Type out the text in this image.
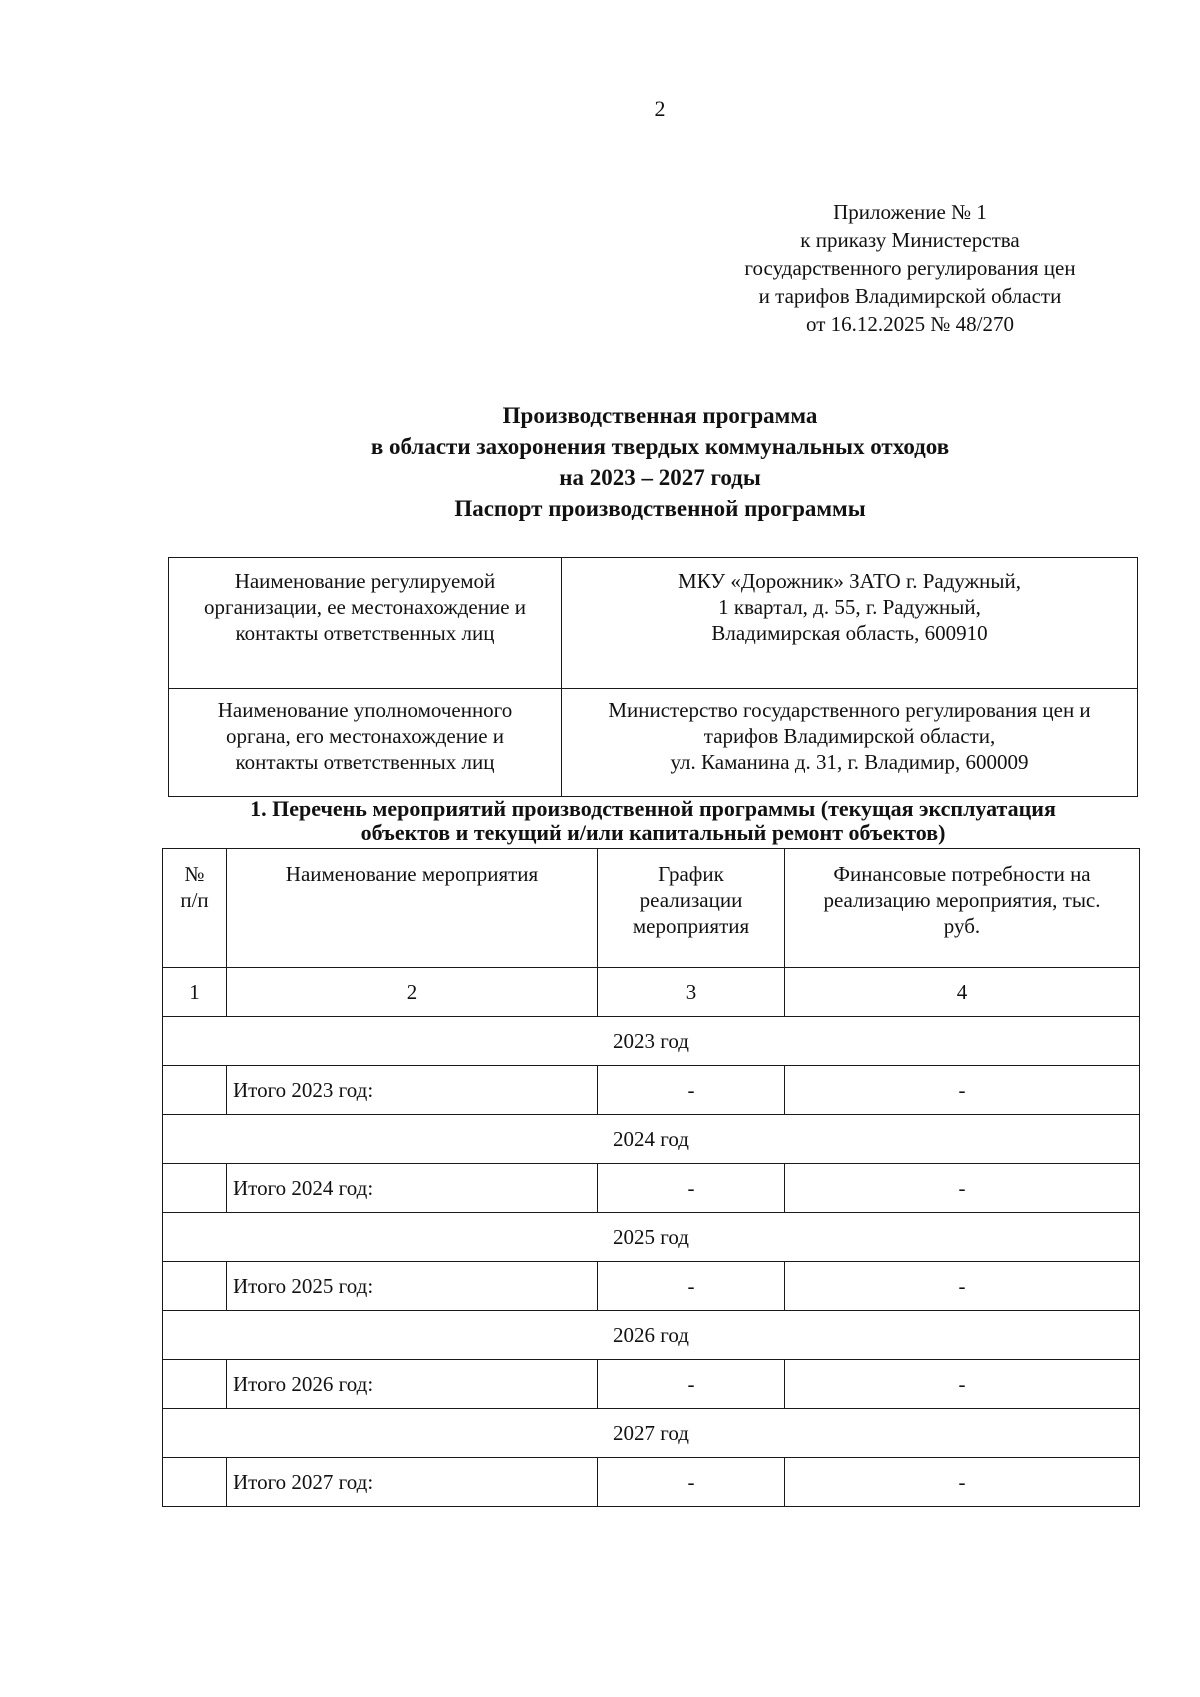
2
Приложение № 1
к приказу Министерства
государственного регулирования цен
и тарифов Владимирской области
от 16.12.2025 № 48/270
Производственная программа
в области захоронения твердых коммунальных отходов
на 2023 – 2027 годы
Паспорт производственной программы
Наименование регулируемой
организации, ее местонахождение и
контакты ответственных лиц	МКУ «Дорожник» ЗАТО г. Радужный,
1 квартал, д. 55, г. Радужный,
Владимирская область, 600910

Наименование уполномоченного
органа, его местонахождение и
контакты ответственных лиц	Министерство государственного регулирования цен и
тарифов Владимирской области,
ул. Каманина д. 31, г. Владимир, 600009
1. Перечень мероприятий производственной программы (текущая эксплуатация
объектов и текущий и/или капитальный ремонт объектов)
№
п/п	Наименование мероприятия	График
реализации
мероприятия	Финансовые потребности на
реализацию мероприятия, тыс.
руб.

1	2	3	4
2023 год			
	Итого 2023 год:	-	-
2024 год			
	Итого 2024 год:	-	-
2025 год			
	Итого 2025 год:	-	-
2026 год			
	Итого 2026 год:	-	-
2027 год			
	Итого 2027 год:	-	-
